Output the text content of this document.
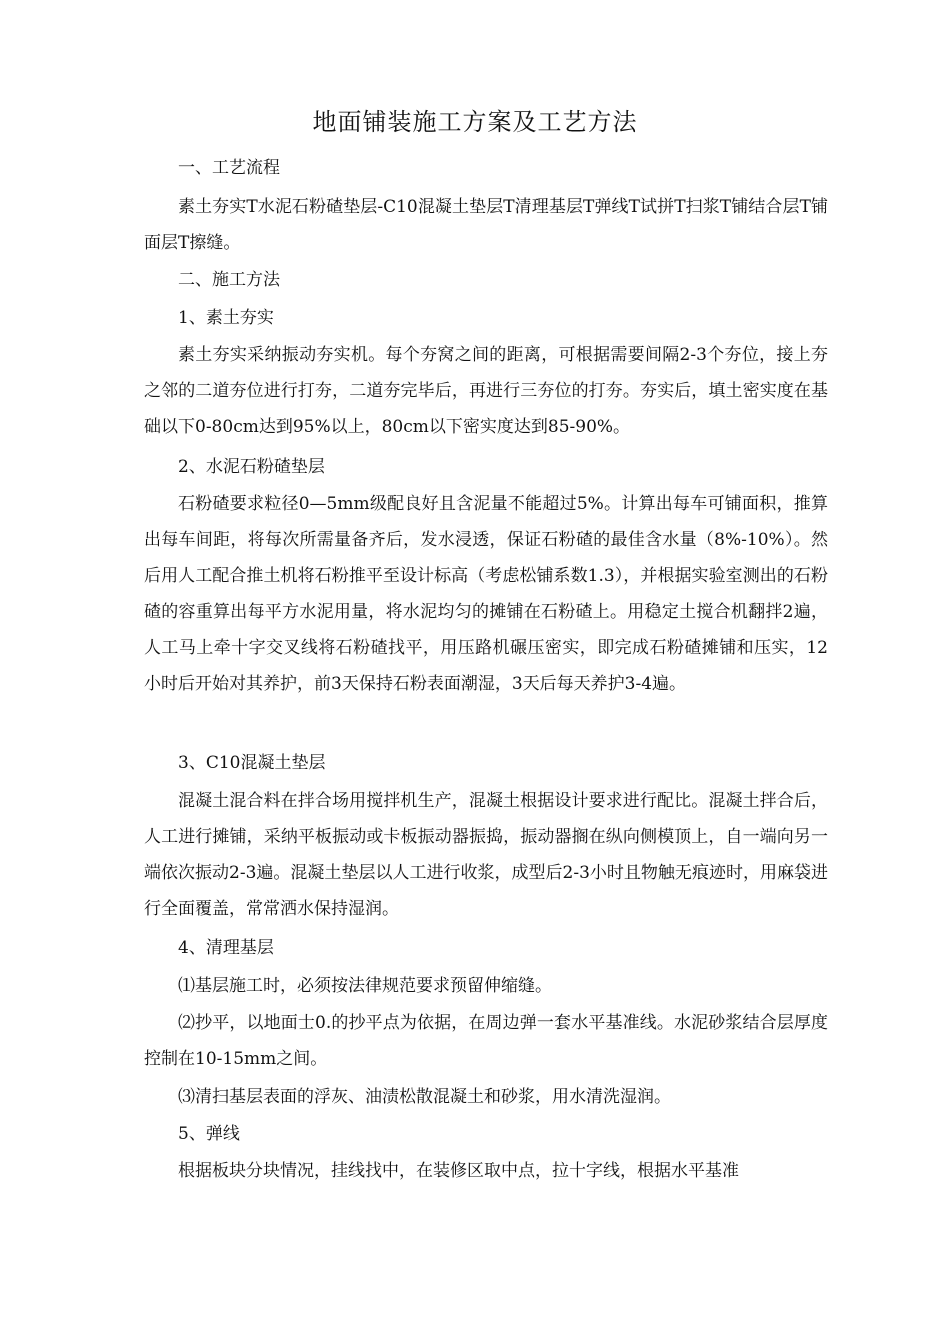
地面铺装施工方案及工艺方法

一、工艺流程

素土夯实T水泥石粉碴垫层-C10混凝土垫层T清理基层T弹线T试拼T扫浆T铺结合层T铺面层T擦缝。

二、施工方法

1、素土夯实

素土夯实采纳振动夯实机。每个夯窝之间的距离，可根据需要间隔2-3个夯位，接上夯之邻的二道夯位进行打夯，二道夯完毕后，再进行三夯位的打夯。夯实后，填土密实度在基础以下0-80cm达到95%以上，80cm以下密实度达到85-90%。

2、水泥石粉碴垫层

石粉碴要求粒径0—5mm级配良好且含泥量不能超过5%。计算出每车可铺面积，推算出每车间距，将每次所需量备齐后，发水浸透，保证石粉碴的最佳含水量（8%-10%）。然后用人工配合推土机将石粉推平至设计标高（考虑松铺系数1.3），并根据实验室测出的石粉碴的容重算出每平方水泥用量，将水泥均匀的摊铺在石粉碴上。用稳定土搅合机翻拌2遍，人工马上牵十字交叉线将石粉碴找平，用压路机碾压密实，即完成石粉碴摊铺和压实，12小时后开始对其养护，前3天保持石粉表面潮湿，3天后每天养护3-4遍。

3、C10混凝土垫层

混凝土混合料在拌合场用搅拌机生产，混凝土根据设计要求进行配比。混凝土拌合后，人工进行摊铺，采纳平板振动或卡板振动器振捣，振动器搁在纵向侧模顶上，自一端向另一端依次振动2-3遍。混凝土垫层以人工进行收浆，成型后2-3小时且物触无痕迹时，用麻袋进行全面覆盖，常常洒水保持湿润。

4、清理基层

⑴基层施工时，必须按法律规范要求预留伸缩缝。

⑵抄平，以地面士0.的抄平点为依据，在周边弹一套水平基准线。水泥砂浆结合层厚度控制在10-15mm之间。

⑶清扫基层表面的浮灰、油渍松散混凝土和砂浆，用水清洗湿润。

5、弹线

根据板块分块情况，挂线找中，在装修区取中点，拉十字线，根据水平基准
